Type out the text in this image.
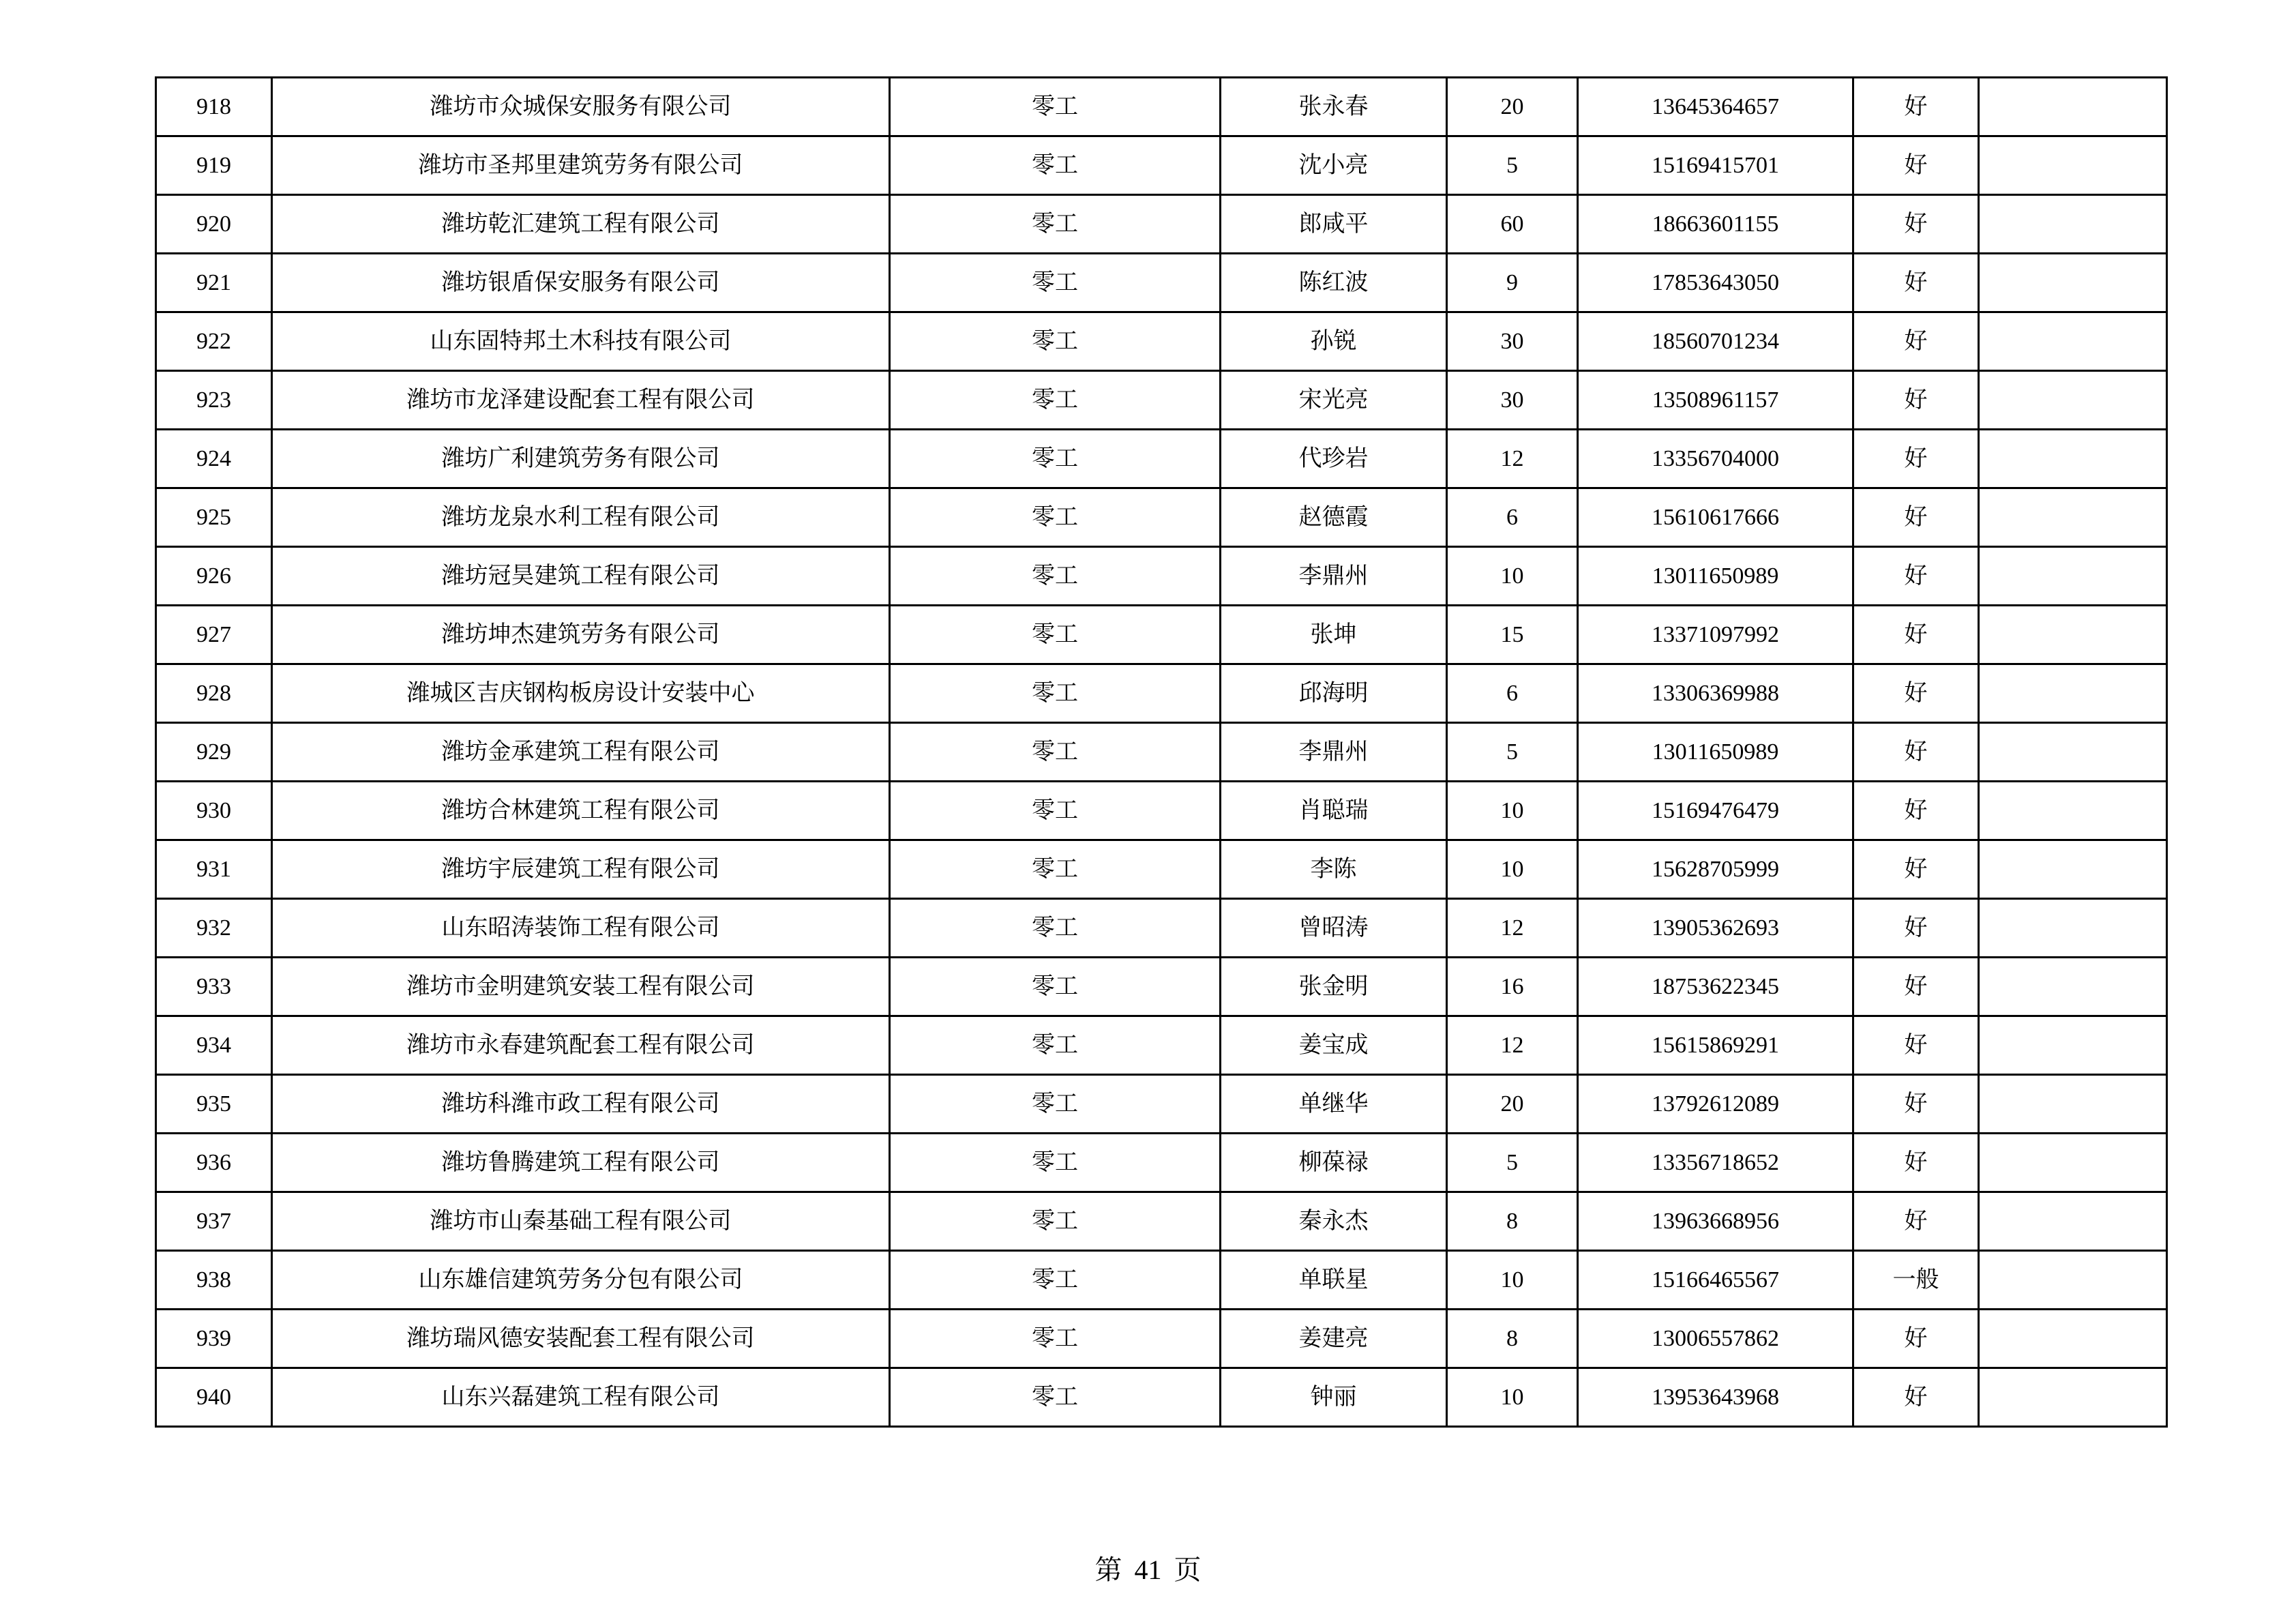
918	潍坊市众城保安服务有限公司	零工	张永春	20	13645364657	好	
919	潍坊市圣邦里建筑劳务有限公司	零工	沈小亮	5	15169415701	好	
920	潍坊乾汇建筑工程有限公司	零工	郎咸平	60	18663601155	好	
921	潍坊银盾保安服务有限公司	零工	陈红波	9	17853643050	好	
922	山东固特邦土木科技有限公司	零工	孙锐	30	18560701234	好	
923	潍坊市龙泽建设配套工程有限公司	零工	宋光亮	30	13508961157	好	
924	潍坊广利建筑劳务有限公司	零工	代珍岩	12	13356704000	好	
925	潍坊龙泉水利工程有限公司	零工	赵德霞	6	15610617666	好	
926	潍坊冠昊建筑工程有限公司	零工	李鼎州	10	13011650989	好	
927	潍坊坤杰建筑劳务有限公司	零工	张坤	15	13371097992	好	
928	潍城区吉庆钢构板房设计安装中心	零工	邱海明	6	13306369988	好	
929	潍坊金承建筑工程有限公司	零工	李鼎州	5	13011650989	好	
930	潍坊合林建筑工程有限公司	零工	肖聪瑞	10	15169476479	好	
931	潍坊宇辰建筑工程有限公司	零工	李陈	10	15628705999	好	
932	山东昭涛装饰工程有限公司	零工	曾昭涛	12	13905362693	好	
933	潍坊市金明建筑安装工程有限公司	零工	张金明	16	18753622345	好	
934	潍坊市永春建筑配套工程有限公司	零工	姜宝成	12	15615869291	好	
935	潍坊科潍市政工程有限公司	零工	单继华	20	13792612089	好	
936	潍坊鲁腾建筑工程有限公司	零工	柳葆禄	5	13356718652	好	
937	潍坊市山秦基础工程有限公司	零工	秦永杰	8	13963668956	好	
938	山东雄信建筑劳务分包有限公司	零工	单联星	10	15166465567	一般	
939	潍坊瑞风德安装配套工程有限公司	零工	姜建亮	8	13006557862	好	
940	山东兴磊建筑工程有限公司	零工	钟丽	10	13953643968	好	
第 41 页
